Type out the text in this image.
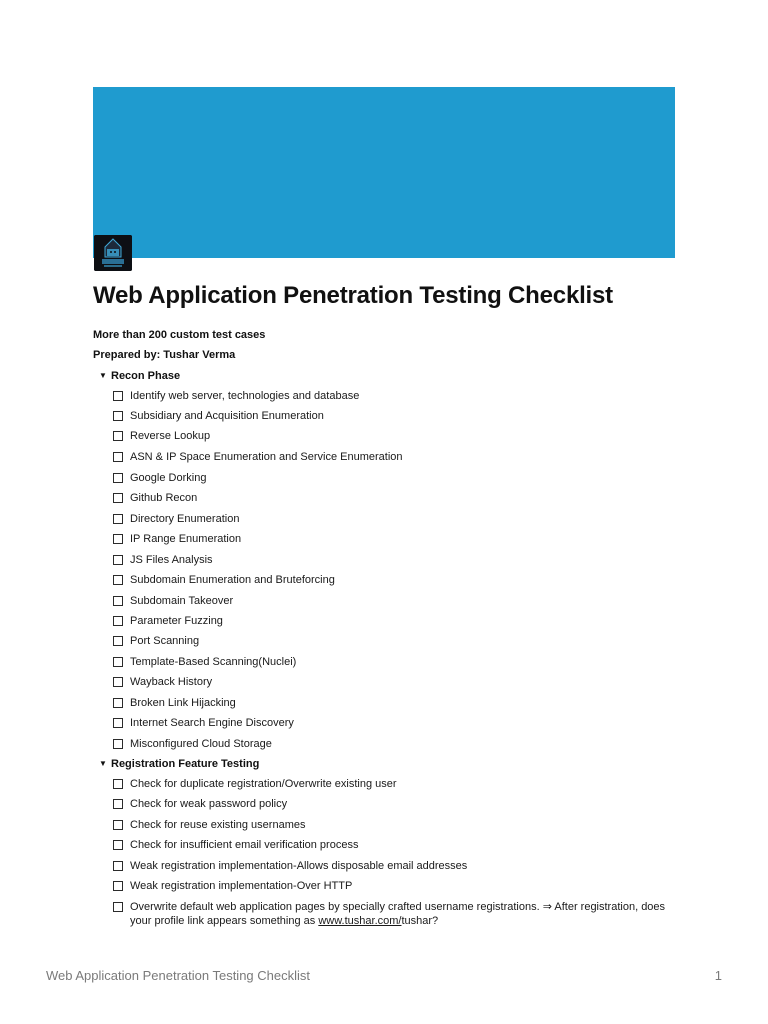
Web Application Penetration Testing Checklist
More than 200 custom test cases
Prepared by: Tushar Verma
▼ Recon Phase
Identify web server, technologies and database
Subsidiary and Acquisition Enumeration
Reverse Lookup
ASN & IP Space Enumeration and Service Enumeration
Google Dorking
Github Recon
Directory Enumeration
IP Range Enumeration
JS Files Analysis
Subdomain Enumeration and Bruteforcing
Subdomain Takeover
Parameter Fuzzing
Port Scanning
Template-Based Scanning(Nuclei)
Wayback History
Broken Link Hijacking
Internet Search Engine Discovery
Misconfigured Cloud Storage
▼ Registration Feature Testing
Check for duplicate registration/Overwrite existing user
Check for weak password policy
Check for reuse existing usernames
Check for insufficient email verification process
Weak registration implementation-Allows disposable email addresses
Weak registration implementation-Over HTTP
Overwrite default web application pages by specially crafted username registrations. ⇒ After registration, does your profile link appears something as www.tushar.com/tushar?
Web Application Penetration Testing Checklist	1
